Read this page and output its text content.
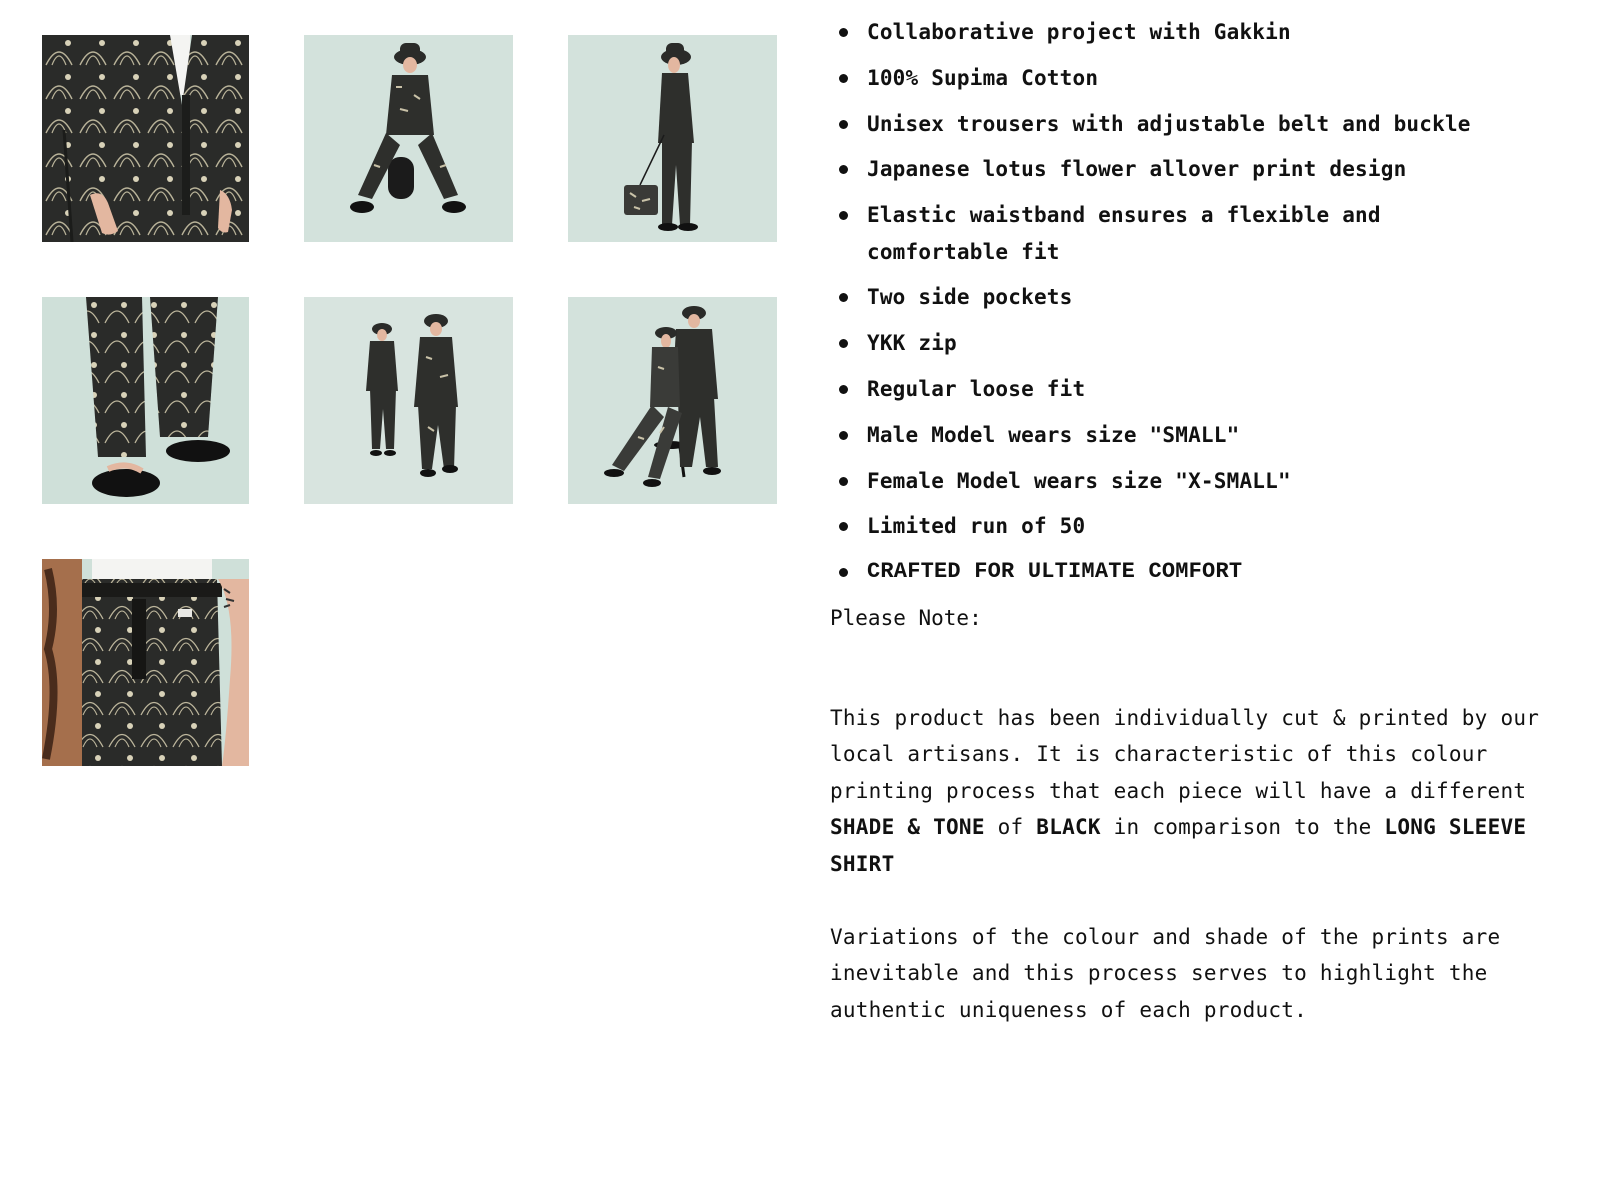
Collaborative project with Gakkin
100% Supima Cotton
Unisex trousers with adjustable belt and buckle
Japanese lotus flower allover print design
Elastic waistband ensures a flexible and comfortable fit
Two side pockets
YKK zip
Regular loose fit
Male Model wears size "SMALL"
Female Model wears size "X-SMALL"
Limited run of 50
CRAFTED FOR ULTIMATE COMFORT

Please Note:

This product has been individually cut & printed by our local artisans. It is characteristic of this colour printing process that each piece will have a different SHADE & TONE of BLACK in comparison to the LONG SLEEVE SHIRT

Variations of the colour and shade of the prints are inevitable and this process serves to highlight the authentic uniqueness of each product.
